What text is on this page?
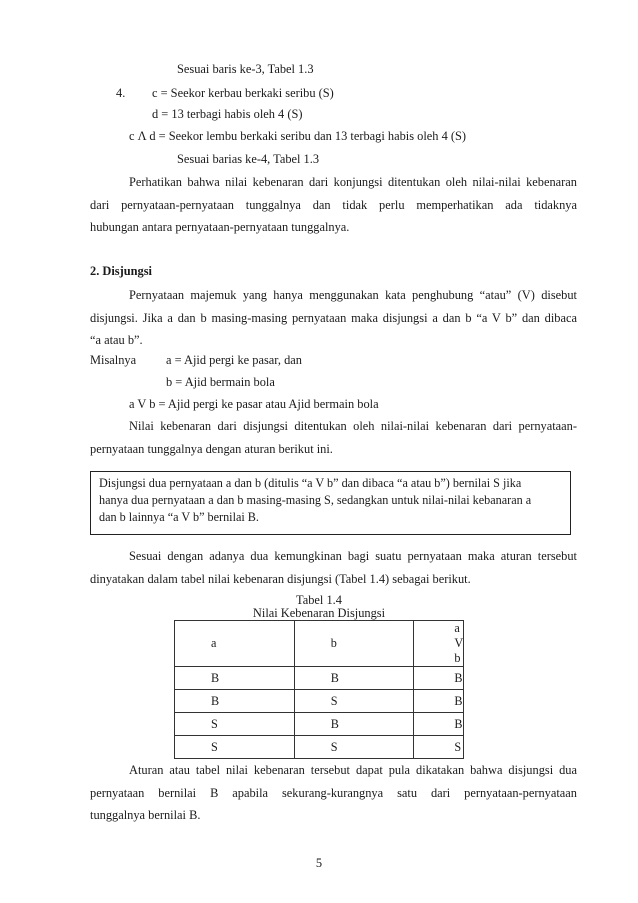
Sesuai baris ke-3, Tabel 1.3
4. c = Seekor kerbau berkaki seribu (S)
d = 13 terbagi habis oleh 4 (S)
c Λ d = Seekor lembu berkaki seribu dan 13 terbagi habis oleh 4 (S)
Sesuai barias ke-4, Tabel 1.3
Perhatikan bahwa nilai kebenaran dari konjungsi ditentukan oleh nilai-nilai kebenaran
dari pernyataan-pernyataan tunggalnya dan tidak perlu memperhatikan ada tidaknya
hubungan antara pernyataan-pernyataan tunggalnya.
2. Disjungsi
Pernyataan majemuk yang hanya menggunakan kata penghubung “atau” (V) disebut
disjungsi. Jika a dan b masing-masing pernyataan maka disjungsi a dan b “a V b” dan dibaca
“a atau b”.
Misalnya a = Ajid pergi ke pasar, dan
b = Ajid bermain bola
a V b = Ajid pergi ke pasar atau Ajid bermain bola
Nilai kebenaran dari disjungsi ditentukan oleh nilai-nilai kebenaran dari pernyataan-
pernyataan tunggalnya dengan aturan berikut ini.
Disjungsi dua pernyataan a dan b (ditulis “a V b” dan dibaca “a atau b”) bernilai S jika
hanya dua pernyataan a dan b masing-masing S, sedangkan untuk nilai-nilai kebanaran a
dan b lainnya “a V b” bernilai B.
Sesuai dengan adanya dua kemungkinan bagi suatu pernyataan maka aturan tersebut
dinyatakan dalam tabel nilai kebenaran disjungsi (Tabel 1.4) sebagai berikut.
Tabel 1.4
Nilai Kebenaran Disjungsi
a	b	a V b
B	B	B
B	S	B
S	B	B
S	S	S
Aturan atau tabel nilai kebenaran tersebut dapat pula dikatakan bahwa disjungsi dua
pernyataan bernilai B apabila sekurang-kurangnya satu dari pernyataan-pernyataan
tunggalnya bernilai B.
5
